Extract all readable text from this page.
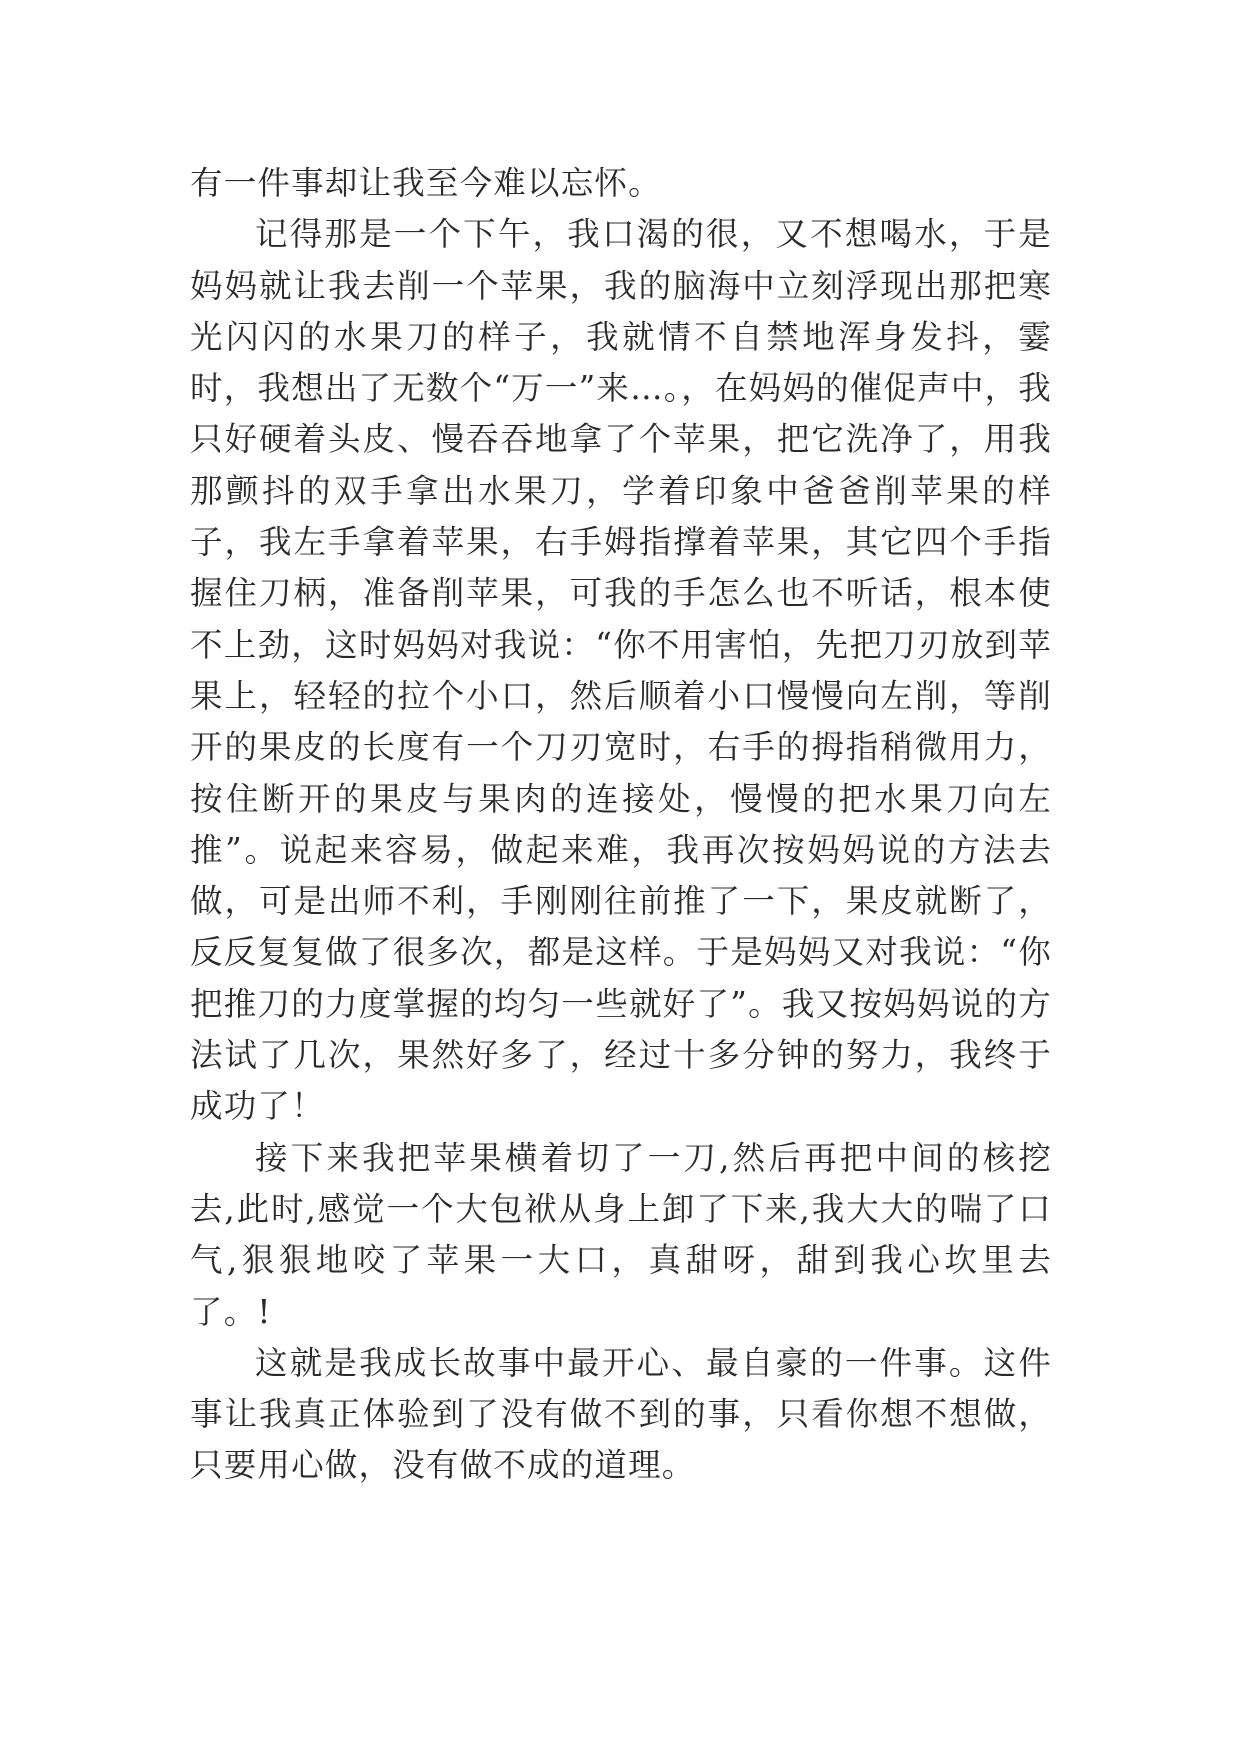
有一件事却让我至今难以忘怀。

记得那是一个下午，我口渴的很，又不想喝水，于是妈妈就让我去削一个苹果，我的脑海中立刻浮现出那把寒光闪闪的水果刀的样子，我就情不自禁地浑身发抖，霎时，我想出了无数个“万一”来…。，在妈妈的催促声中，我只好硬着头皮、慢吞吞地拿了个苹果，把它洗净了，用我那颤抖的双手拿出水果刀，学着印象中爸爸削苹果的样子，我左手拿着苹果，右手姆指撑着苹果，其它四个手指握住刀柄，准备削苹果，可我的手怎么也不听话，根本使不上劲，这时妈妈对我说：“你不用害怕，先把刀刃放到苹果上，轻轻的拉个小口，然后顺着小口慢慢向左削，等削开的果皮的长度有一个刀刃宽时，右手的拇指稍微用力，按住断开的果皮与果肉的连接处，慢慢的把水果刀向左推”。说起来容易，做起来难，我再次按妈妈说的方法去做，可是出师不利，手刚刚往前推了一下，果皮就断了，反反复复做了很多次，都是这样。于是妈妈又对我说：“你把推刀的力度掌握的均匀一些就好了”。我又按妈妈说的方法试了几次，果然好多了，经过十多分钟的努力，我终于成功了！

接下来我把苹果横着切了一刀,然后再把中间的核挖去,此时,感觉一个大包袱从身上卸了下来,我大大的喘了口气,狠狠地咬了苹果一大口，真甜呀，甜到我心坎里去了。!

这就是我成长故事中最开心、最自豪的一件事。这件事让我真正体验到了没有做不到的事，只看你想不想做，只要用心做，没有做不成的道理。
